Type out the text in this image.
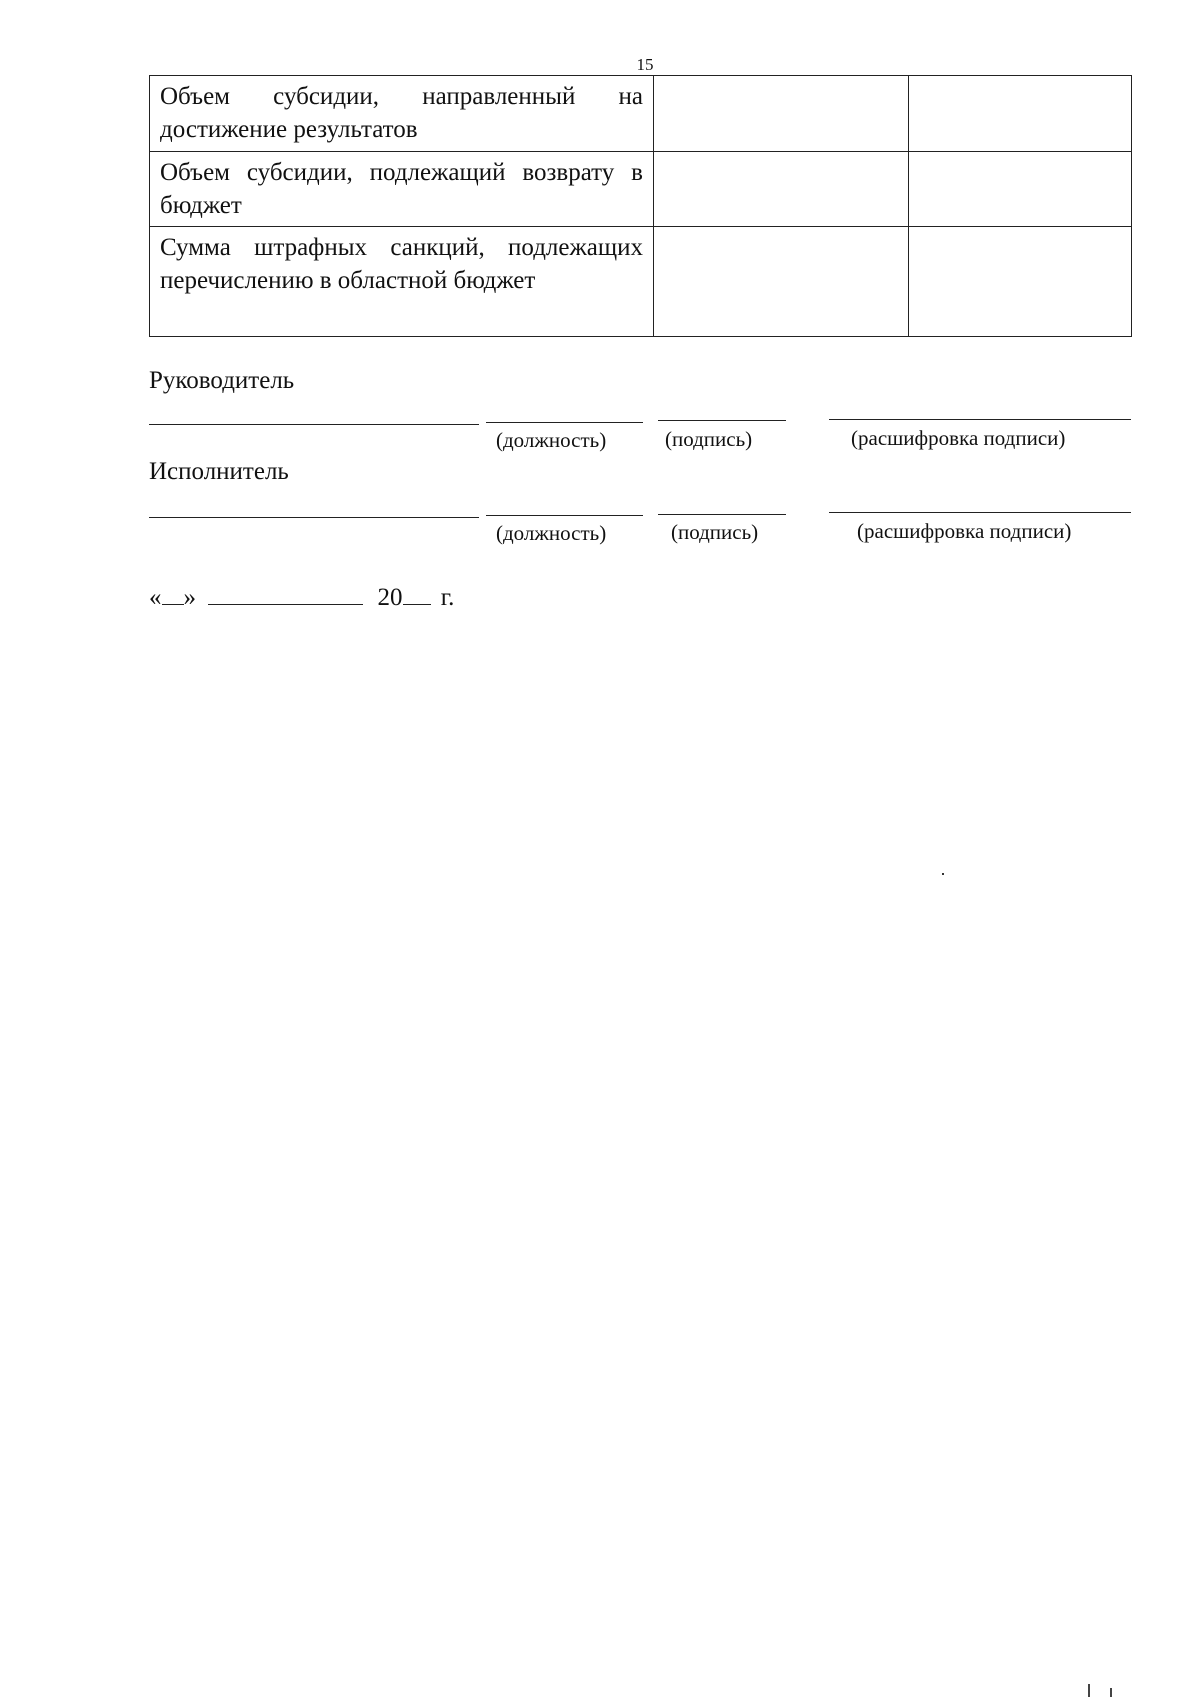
15
Объем субсидии, направленный на достижение результатов		
Объем субсидии, подлежащий возврату в бюджет		
Сумма штрафных санкций, подлежащих перечислению в областной бюджет		
Руководитель
(должность)	(подпись)	(расшифровка подписи)
Исполнитель
(должность)	(подпись)	(расшифровка подписи)
« »	20 г.
